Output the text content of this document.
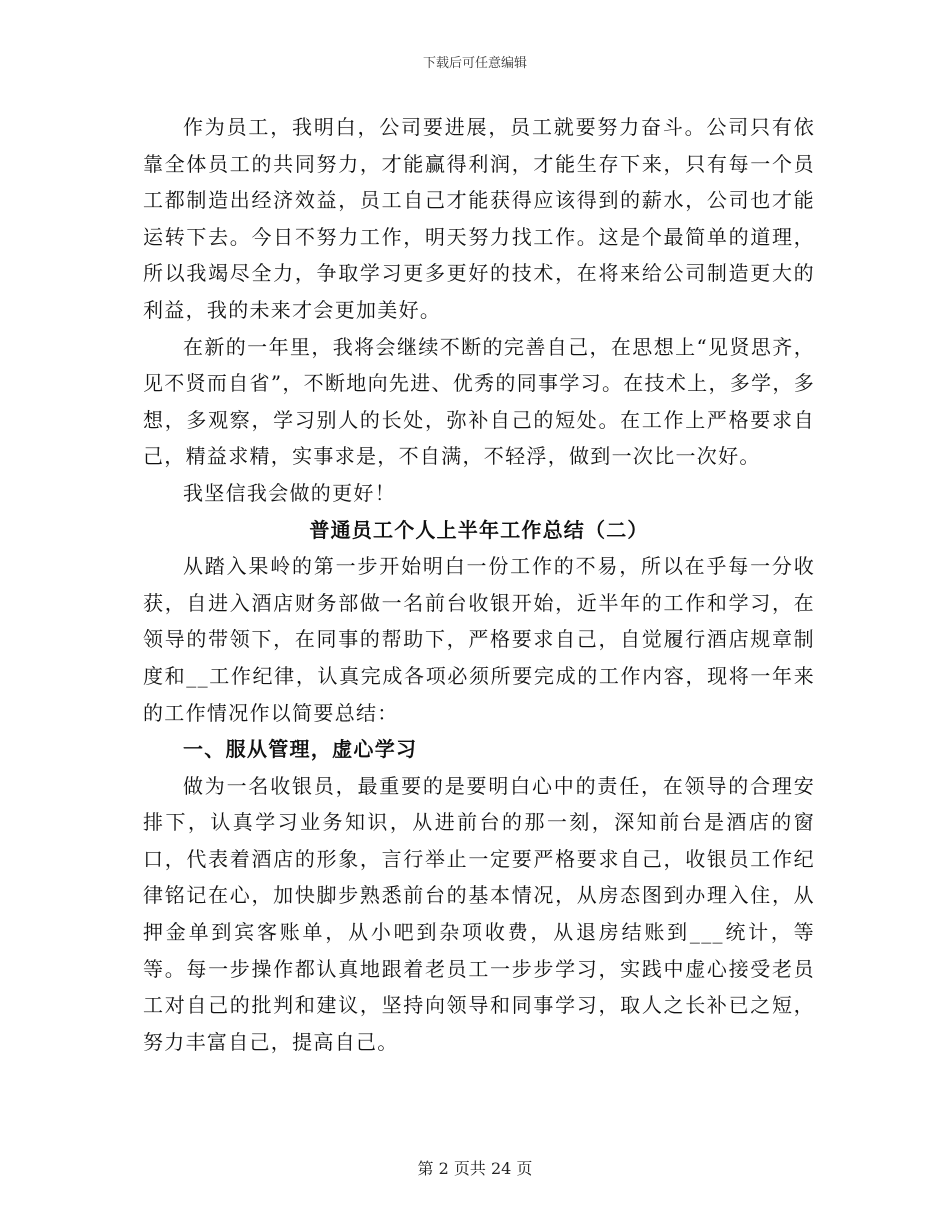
下载后可任意编辑

作为员工，我明白，公司要进展，员工就要努力奋斗。公司只有依靠全体员工的共同努力，才能赢得利润，才能生存下来，只有每一个员工都制造出经济效益，员工自己才能获得应该得到的薪水，公司也才能运转下去。今日不努力工作，明天努力找工作。这是个最简单的道理，所以我竭尽全力，争取学习更多更好的技术，在将来给公司制造更大的利益，我的未来才会更加美好。

在新的一年里，我将会继续不断的完善自己，在思想上“见贤思齐，见不贤而自省”，不断地向先进、优秀的同事学习。在技术上，多学，多想，多观察，学习别人的长处，弥补自己的短处。在工作上严格要求自己，精益求精，实事求是，不自满，不轻浮，做到一次比一次好。

我坚信我会做的更好！

普通员工个人上半年工作总结（二）

从踏入果岭的第一步开始明白一份工作的不易，所以在乎每一分收获，自进入酒店财务部做一名前台收银开始，近半年的工作和学习，在领导的带领下，在同事的帮助下，严格要求自己，自觉履行酒店规章制度和__工作纪律，认真完成各项必须所要完成的工作内容，现将一年来的工作情况作以简要总结：

一、服从管理，虚心学习

做为一名收银员，最重要的是要明白心中的责任，在领导的合理安排下，认真学习业务知识，从进前台的那一刻，深知前台是酒店的窗口，代表着酒店的形象，言行举止一定要严格要求自己，收银员工作纪律铭记在心，加快脚步熟悉前台的基本情况，从房态图到办理入住，从押金单到宾客账单，从小吧到杂项收费，从退房结账到___统计，等等。每一步操作都认真地跟着老员工一步步学习，实践中虚心接受老员工对自己的批判和建议，坚持向领导和同事学习，取人之长补已之短，努力丰富自己，提高自己。

第 2 页共 24 页
